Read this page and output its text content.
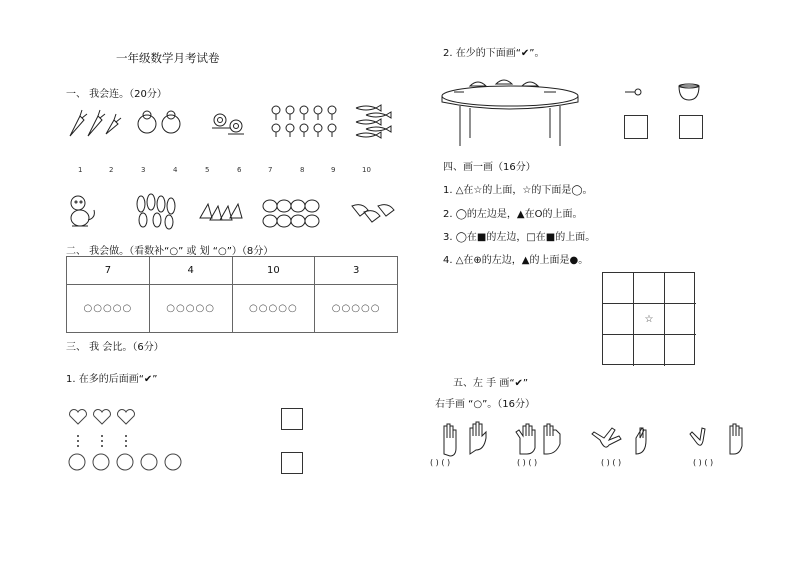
一年级数学月考试卷
一、 我会连。（20分）
1	2	3	4	5	6	7	8	9	10
二、 我会做。（看数补“○” 或 划 “○”）（8分）
7	4	10	3
○○○○○	○○○○○	○○○○○	○○○○○
三、 我 会比。（6分）
1. 在多的后面画“✔”
2. 在少的下面画“✔”。
四、画一画（16分）
1. △在☆的上面，☆的下面是◯。
2. ◯的左边是，▲在O的上面。
3. ◯在■的左边，□在■的上面。
4. △在⊕的左边，▲的上面是●。
☆
五、左 手 画“✔”
右手画 “○”。（16分）
( ) ( )	( ) ( )	( ) ( )	( ) ( )
